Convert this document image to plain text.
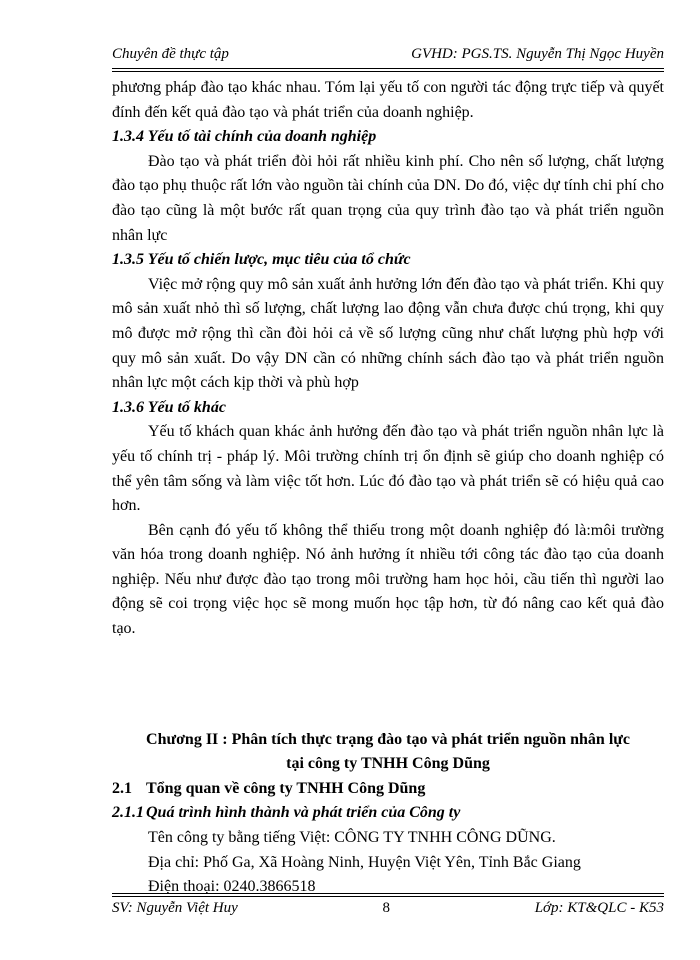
Chuyên đề thực tập	GVHD: PGS.TS. Nguyễn Thị Ngọc Huyền

phương pháp đào tạo khác nhau. Tóm lại yếu tố con người tác động trực tiếp và quyết đính đến kết quả đào tạo và phát triển của doanh nghiệp.

1.3.4 Yếu tố tài chính của doanh nghiệp

Đào tạo và phát triển đòi hỏi rất nhiều kinh phí. Cho nên số lượng, chất lượng đào tạo phụ thuộc rất lớn vào nguồn tài chính của DN. Do đó, việc dự tính chi phí cho đào tạo cũng là một bước rất quan trọng của quy trình đào tạo và phát triển nguồn nhân lực

1.3.5 Yếu tố chiến lược, mục tiêu của tổ chức

Việc mở rộng quy mô sản xuất ảnh hưởng lớn đến đào tạo và phát triển. Khi quy mô sản xuất nhỏ thì số lượng, chất lượng lao động vẫn chưa được chú trọng, khi quy mô được mở rộng thì cần đòi hỏi cả về số lượng cũng như chất lượng phù hợp với quy mô sản xuất. Do vậy DN cần có những chính sách đào tạo và phát triển nguồn nhân lực một cách kịp thời và phù hợp

1.3.6 Yếu tố khác

Yếu tố khách quan khác ảnh hưởng đến đào tạo và phát triển nguồn nhân lực là yếu tố chính trị - pháp lý. Môi trường chính trị ổn định sẽ giúp cho doanh nghiệp có thể yên tâm sống và làm việc tốt hơn. Lúc đó đào tạo và phát triển sẽ có hiệu quả cao hơn.

Bên cạnh đó yếu tố không thể thiếu trong một doanh nghiệp đó là:môi trường văn hóa trong doanh nghiệp. Nó ảnh hưởng ít nhiều tới công tác đào tạo của doanh nghiệp. Nếu như được đào tạo trong môi trường ham học hỏi, cầu tiến thì người lao động sẽ coi trọng việc học sẽ mong muốn học tập hơn, từ đó nâng cao kết quả đào tạo.

Chương II : Phân tích thực trạng đào tạo và phát triển nguồn nhân lực

tại công ty TNHH Công Dũng

2.1 Tổng quan về công ty TNHH Công Dũng

2.1.1 Quá trình hình thành và phát triển của Công ty

Tên công ty bằng tiếng Việt: CÔNG TY TNHH CÔNG DŨNG.

Địa chỉ: Phố Ga, Xã Hoàng Ninh, Huyện Việt Yên, Tỉnh Bắc Giang

Điện thoại: 0240.3866518

SV: Nguyễn Việt Huy	8	Lớp: KT&QLC - K53
